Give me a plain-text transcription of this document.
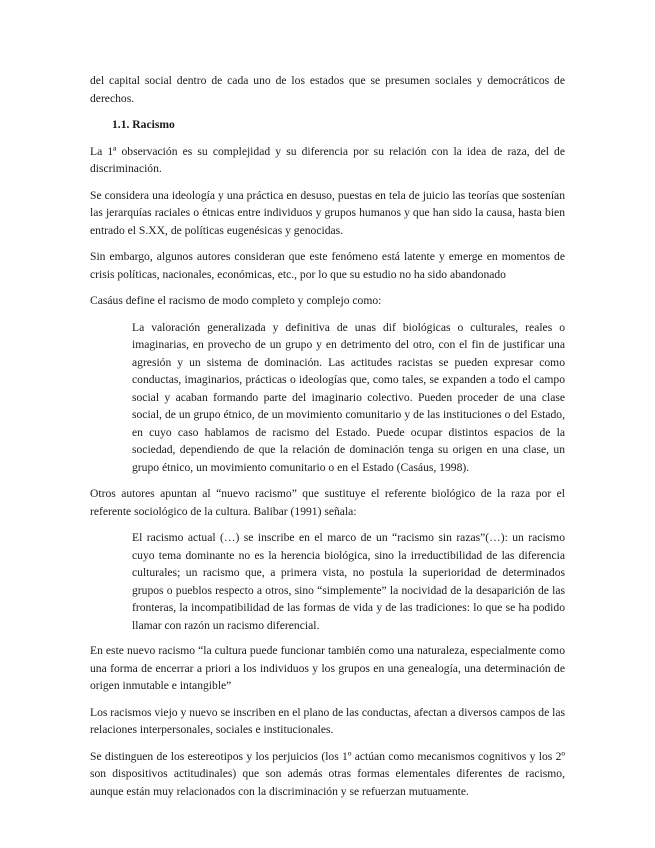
del capital social dentro de cada uno de los estados que se presumen sociales y democráticos de derechos.

1.1. Racismo

La 1ª observación es su complejidad y su diferencia por su relación con la idea de raza, del de discriminación.

Se considera una ideología y una práctica en desuso, puestas en tela de juicio las teorías que sostenían las jerarquías raciales o étnicas entre individuos y grupos humanos y que han sido la causa, hasta bien entrado el S.XX, de políticas eugenésicas y genocidas.

Sin embargo, algunos autores consideran que este fenómeno está latente y emerge en momentos de crisis políticas, nacionales, económicas, etc., por lo que su estudio no ha sido abandonado

Casáus define el racismo de modo completo y complejo como:

La valoración generalizada y definitiva de unas dif biológicas o culturales, reales o imaginarias, en provecho de un grupo y en detrimento del otro, con el fin de justificar una agresión y un sistema de dominación. Las actitudes racistas se pueden expresar como conductas, imaginarios, prácticas o ideologías que, como tales, se expanden a todo el campo social y acaban formando parte del imaginario colectivo. Pueden proceder de una clase social, de un grupo étnico, de un movimiento comunitario y de las instituciones o del Estado, en cuyo caso hablamos de racismo del Estado. Puede ocupar distintos espacios de la sociedad, dependiendo de que la relación de dominación tenga su origen en una clase, un grupo étnico, un movimiento comunitario o en el Estado (Casáus, 1998).

Otros autores apuntan al “nuevo racismo” que sustituye el referente biológico de la raza por el referente sociológico de la cultura. Balibar (1991) señala:

El racismo actual (…) se inscribe en el marco de un “racismo sin razas”(…): un racismo cuyo tema dominante no es la herencia biológica, sino la irreductibilidad de las diferencia culturales; un racismo que, a primera vista, no postula la superioridad de determinados grupos o pueblos respecto a otros, sino “simplemente” la nocividad de la desaparición de las fronteras, la incompatibilidad de las formas de vida y de las tradiciones: lo que se ha podido llamar con razón un racismo diferencial.

En este nuevo racismo “la cultura puede funcionar también como una naturaleza, especialmente como una forma de encerrar a priori a los individuos y los grupos en una genealogía, una determinación de origen inmutable e intangible”

Los racismos viejo y nuevo se inscriben en el plano de las conductas, afectan a diversos campos de las relaciones interpersonales, sociales e institucionales.

Se distinguen de los estereotipos y los perjuicios (los 1º actúan como mecanismos cognitivos y los 2º son dispositivos actitudinales) que son además otras formas elementales diferentes de racismo, aunque están muy relacionados con la discriminación y se refuerzan mutuamente.
